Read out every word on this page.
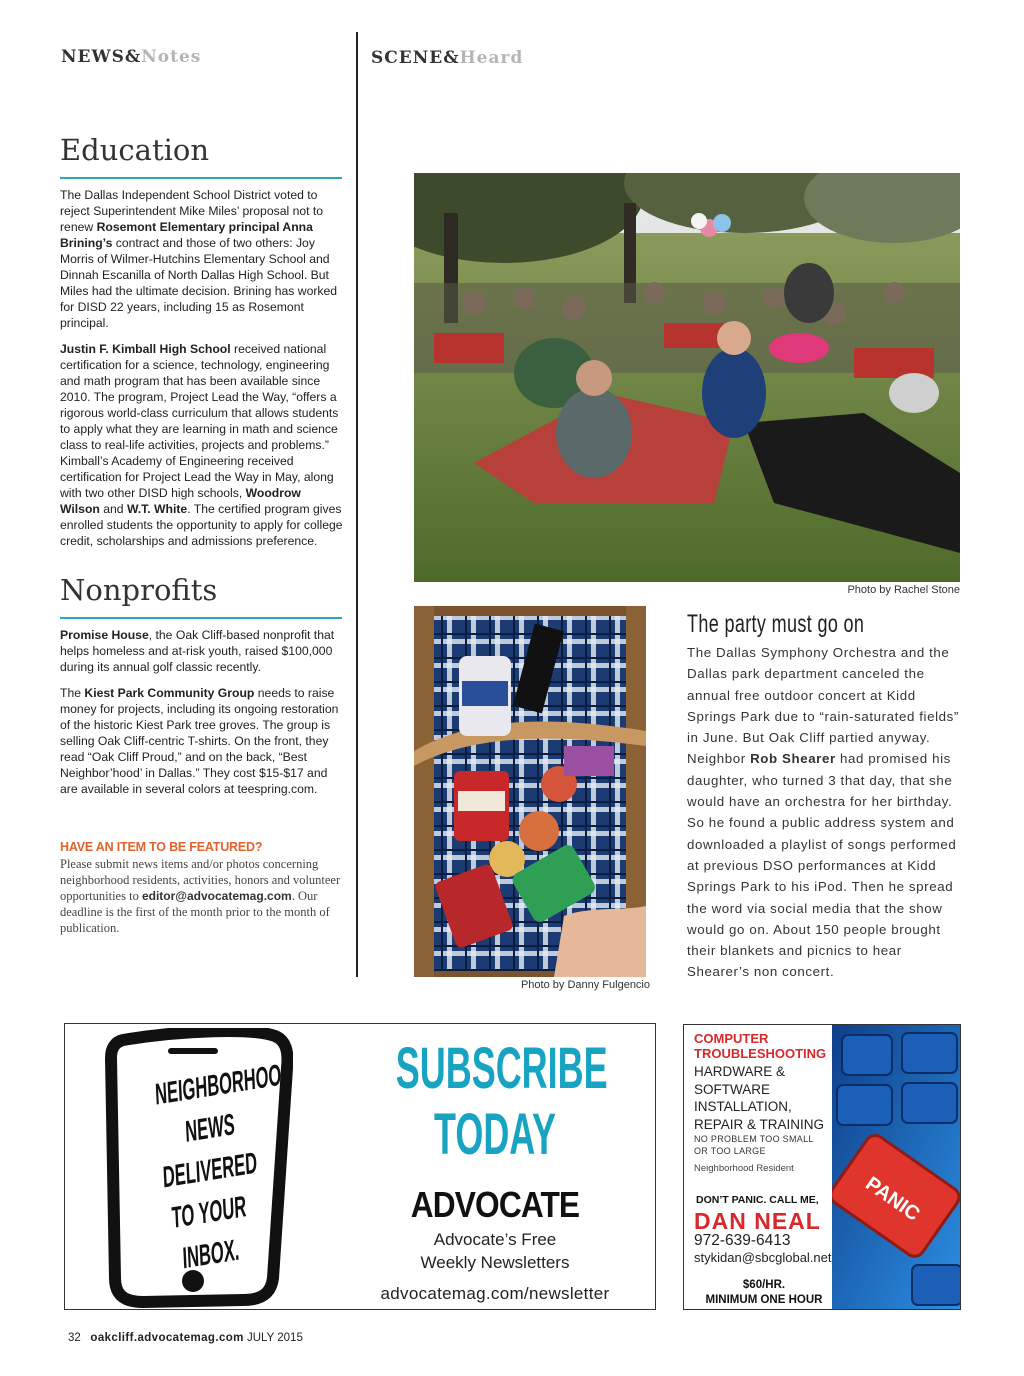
NEWS&Notes	SCENE&Heard
Education

The Dallas Independent School District voted to reject Superintendent Mike Miles’ proposal not to renew Rosemont Elementary principal Anna Brining’s contract and those of two others: Joy Morris of Wilmer-Hutchins Elementary School and Dinnah Escanilla of North Dallas High School. But Miles had the ultimate decision. Brining has worked for DISD 22 years, including 15 as Rosemont principal.

Justin F. Kimball High School received national certification for a science, technology, engineering and math program that has been available since 2010. The program, Project Lead the Way, “offers a rigorous world-class curriculum that allows students to apply what they are learning in math and science class to real-life activities, projects and problems.” Kimball’s Academy of Engineering received certification for Project Lead the Way in May, along with two other DISD high schools, Woodrow Wilson and W.T. White. The certified program gives enrolled students the opportunity to apply for college credit, scholarships and admissions preference.

Nonprofits

Promise House, the Oak Cliff-based nonprofit that helps homeless and at-risk youth, raised $100,000 during its annual golf classic recently.

The Kiest Park Community Group needs to raise money for projects, including its ongoing restoration of the historic Kiest Park tree groves. The group is selling Oak Cliff-centric T-shirts. On the front, they read “Oak Cliff Proud,” and on the back, “Best Neighbor’hood’ in Dallas.” They cost $15-$17 and are available in several colors at teespring.com.

HAVE AN ITEM TO BE FEATURED?
Please submit news items and/or photos concerning neighborhood residents, activities, honors and volunteer opportunities to editor@advocatemag.com. Our deadline is the first of the month prior to the month of publication.
Photo by Rachel Stone
Photo by Danny Fulgencio
The party must go on
The Dallas Symphony Orchestra and the Dallas park department canceled the annual free outdoor concert at Kidd Springs Park due to “rain-saturated fields” in June. But Oak Cliff partied anyway. Neighbor Rob Shearer had promised his daughter, who turned 3 that day, that she would have an orchestra for her birthday. So he found a public address system and downloaded a playlist of songs performed at previous DSO performances at Kidd Springs Park to his iPod. Then he spread the word via social media that the show would go on. About 150 people brought their blankets and picnics to hear Shearer’s non concert.
NEIGHBORHOOD
NEWS
DELIVERED
TO YOUR INBOX.
SUBSCRIBE
TODAY
ADVOCATE
Advocate’s Free
Weekly Newsletters
advocatemag.com/newsletter
PANIC
COMPUTER
TROUBLESHOOTING
HARDWARE &
SOFTWARE
INSTALLATION,
REPAIR & TRAINING
NO PROBLEM TOO SMALL
OR TOO LARGE
Neighborhood Resident
DON’T PANIC. CALL ME,
DAN NEAL
972-639-6413
stykidan@sbcglobal.net
$60/HR.
MINIMUM ONE HOUR
32 oakcliff.advocatemag.com JULY 2015
